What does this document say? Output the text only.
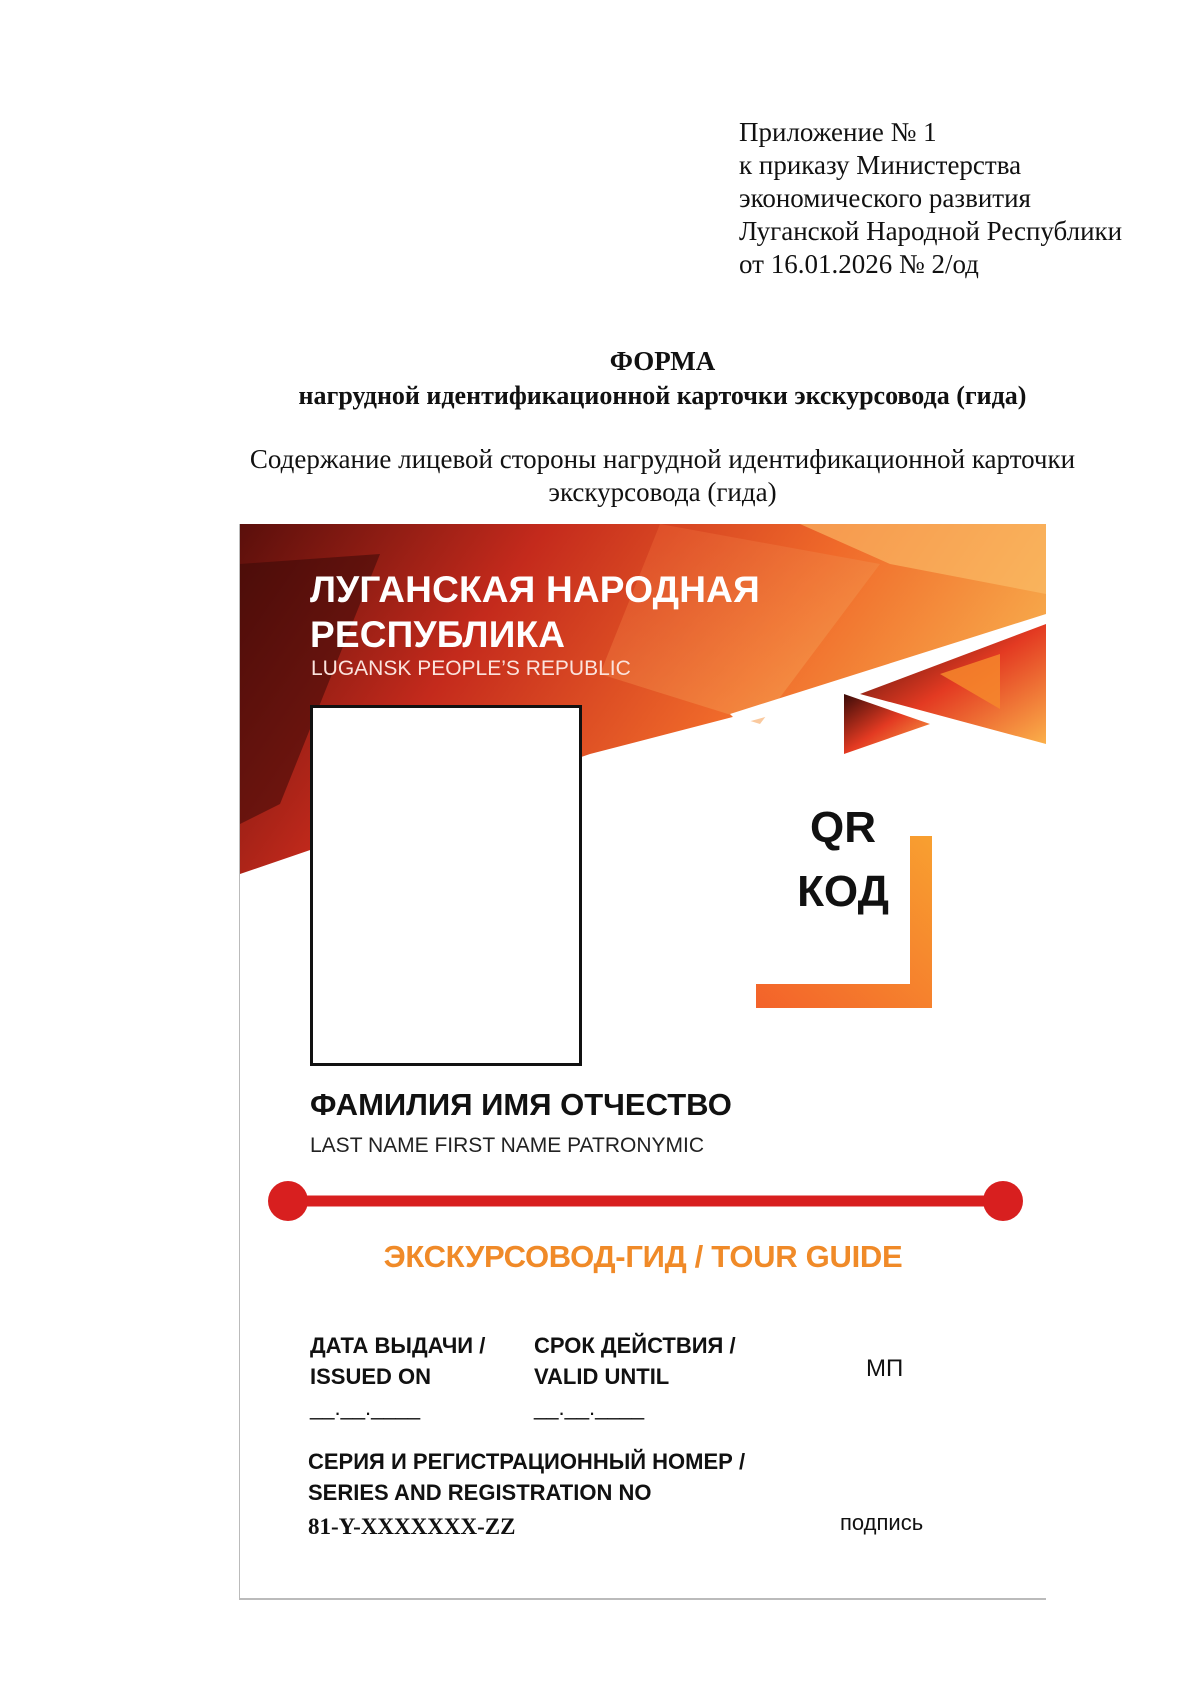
Приложение № 1
к приказу Министерства
экономического развития
Луганской Народной Республики
от 16.01.2026 № 2/од
ФОРМА
нагрудной идентификационной карточки экскурсовода (гида)
Содержание лицевой стороны нагрудной идентификационной карточки
экскурсовода (гида)
ЛУГАНСКАЯ НАРОДНАЯ
РЕСПУБЛИКА
LUGANSK PEOPLE’S REPUBLIC
QR
КОД
ФАМИЛИЯ ИМЯ ОТЧЕСТВО
LAST NAME FIRST NAME PATRONYMIC
ЭКСКУРСОВОД-ГИД / TOUR GUIDE
ДАТА ВЫДАЧИ /
ISSUED ON
__.__.____
СРОК ДЕЙСТВИЯ /
VALID UNTIL
__.__.____
МП
СЕРИЯ И РЕГИСТРАЦИОННЫЙ НОМЕР /
SERIES AND REGISTRATION NO
81-Y-XXXXXXX-ZZ	подпись
